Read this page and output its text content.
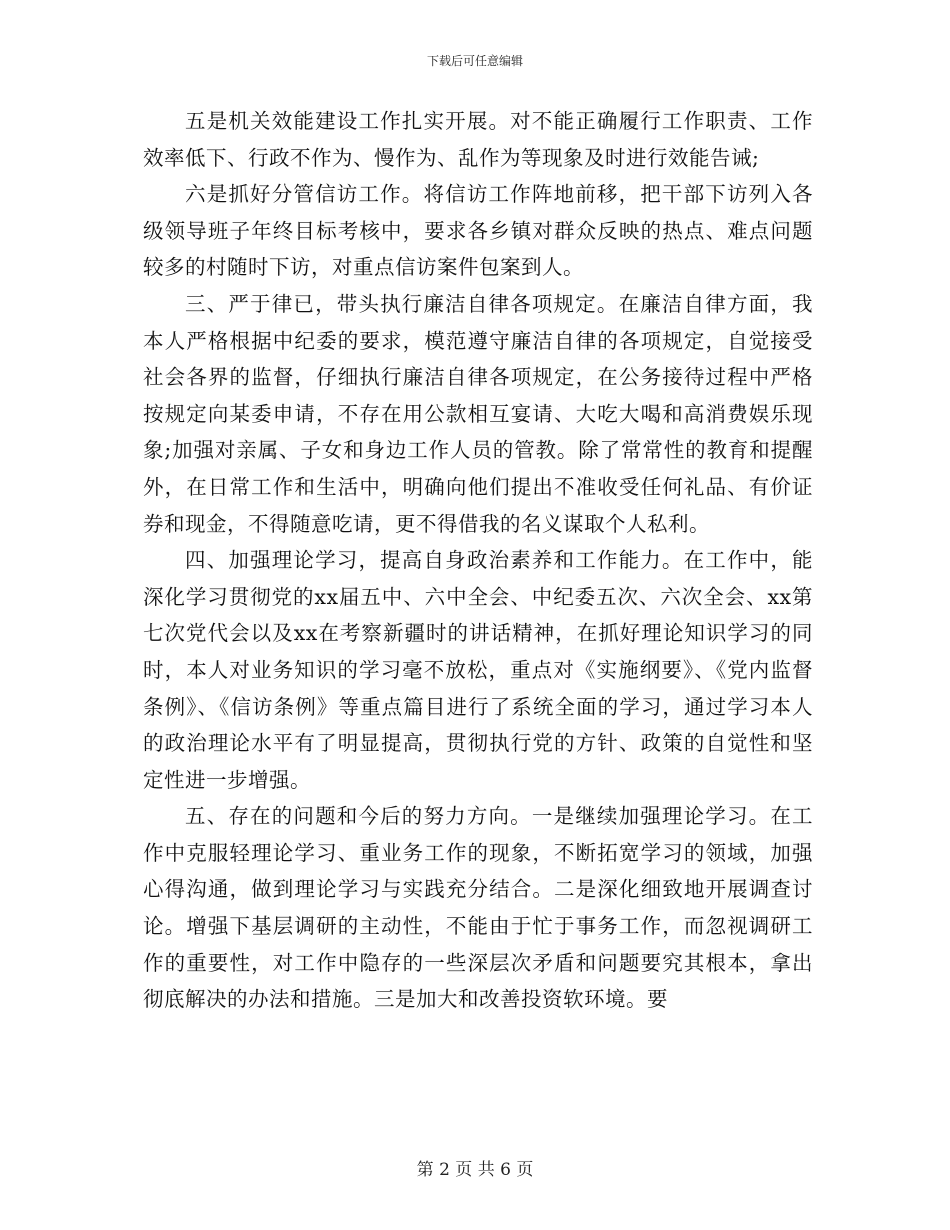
下载后可任意编辑

五是机关效能建设工作扎实开展。对不能正确履行工作职责、工作效率低下、行政不作为、慢作为、乱作为等现象及时进行效能告诫;

六是抓好分管信访工作。将信访工作阵地前移，把干部下访列入各级领导班子年终目标考核中，要求各乡镇对群众反映的热点、难点问题较多的村随时下访，对重点信访案件包案到人。

三、严于律已，带头执行廉洁自律各项规定。在廉洁自律方面，我本人严格根据中纪委的要求，模范遵守廉洁自律的各项规定，自觉接受社会各界的监督，仔细执行廉洁自律各项规定，在公务接待过程中严格按规定向某委申请，不存在用公款相互宴请、大吃大喝和高消费娱乐现象;加强对亲属、子女和身边工作人员的管教。除了常常性的教育和提醒外，在日常工作和生活中，明确向他们提出不准收受任何礼品、有价证券和现金，不得随意吃请，更不得借我的名义谋取个人私利。

四、加强理论学习，提高自身政治素养和工作能力。在工作中，能深化学习贯彻党的xx届五中、六中全会、中纪委五次、六次全会、xx第七次党代会以及xx在考察新疆时的讲话精神，在抓好理论知识学习的同时，本人对业务知识的学习毫不放松，重点对《实施纲要》、《党内监督条例》、《信访条例》等重点篇目进行了系统全面的学习，通过学习本人的政治理论水平有了明显提高，贯彻执行党的方针、政策的自觉性和坚定性进一步增强。

五、存在的问题和今后的努力方向。一是继续加强理论学习。在工作中克服轻理论学习、重业务工作的现象，不断拓宽学习的领域，加强心得沟通，做到理论学习与实践充分结合。二是深化细致地开展调查讨论。增强下基层调研的主动性，不能由于忙于事务工作，而忽视调研工作的重要性，对工作中隐存的一些深层次矛盾和问题要究其根本，拿出彻底解决的办法和措施。三是加大和改善投资软环境。要

第 2 页 共 6 页
